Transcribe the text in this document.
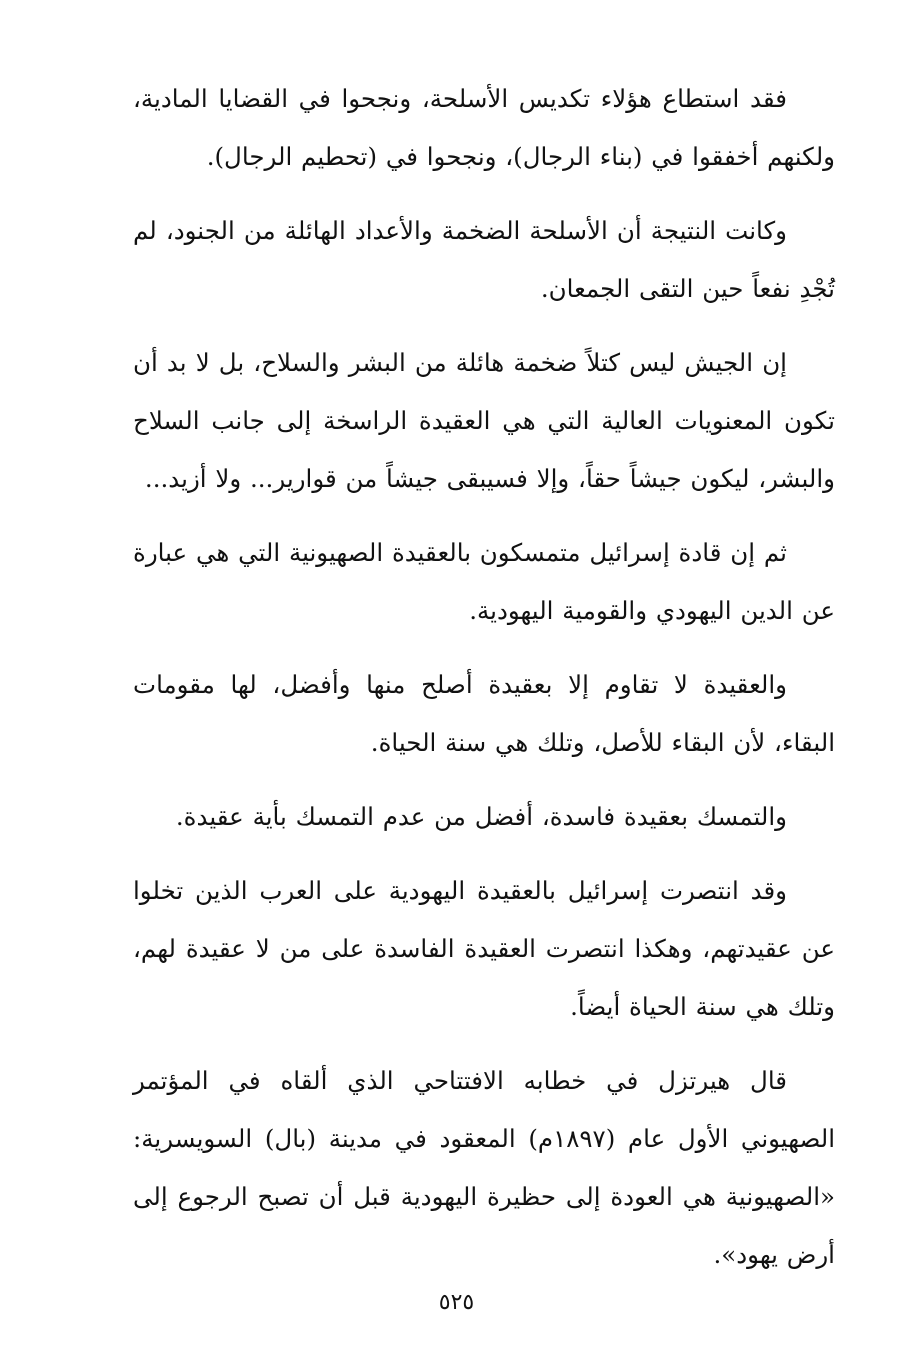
فقد استطاع هؤلاء تكديس الأسلحة، ونجحوا في القضايا المادية، ولكنهم أخفقوا في (بناء الرجال)، ونجحوا في (تحطيم الرجال).

وكانت النتيجة أن الأسلحة الضخمة والأعداد الهائلة من الجنود، لم تُجْدِ نفعاً حين التقى الجمعان.

إن الجيش ليس كتلاً ضخمة هائلة من البشر والسلاح، بل لا بد أن تكون المعنويات العالية التي هي العقيدة الراسخة إلى جانب السلاح والبشر، ليكون جيشاً حقاً، وإلا فسيبقى جيشاً من قوارير... ولا أزيد...

ثم إن قادة إسرائيل متمسكون بالعقيدة الصهيونية التي هي عبارة عن الدين اليهودي والقومية اليهودية.

والعقيدة لا تقاوم إلا بعقيدة أصلح منها وأفضل، لها مقومات البقاء، لأن البقاء للأصل، وتلك هي سنة الحياة.

والتمسك بعقيدة فاسدة، أفضل من عدم التمسك بأية عقيدة.

وقد انتصرت إسرائيل بالعقيدة اليهودية على العرب الذين تخلوا عن عقيدتهم، وهكذا انتصرت العقيدة الفاسدة على من لا عقيدة لهم، وتلك هي سنة الحياة أيضاً.

قال هيرتزل في خطابه الافتتاحي الذي ألقاه في المؤتمر الصهيوني الأول عام (١٨٩٧م) المعقود في مدينة (بال) السويسرية: «الصهيونية هي العودة إلى حظيرة اليهودية قبل أن تصبح الرجوع إلى أرض يهود».

٥٢٥
